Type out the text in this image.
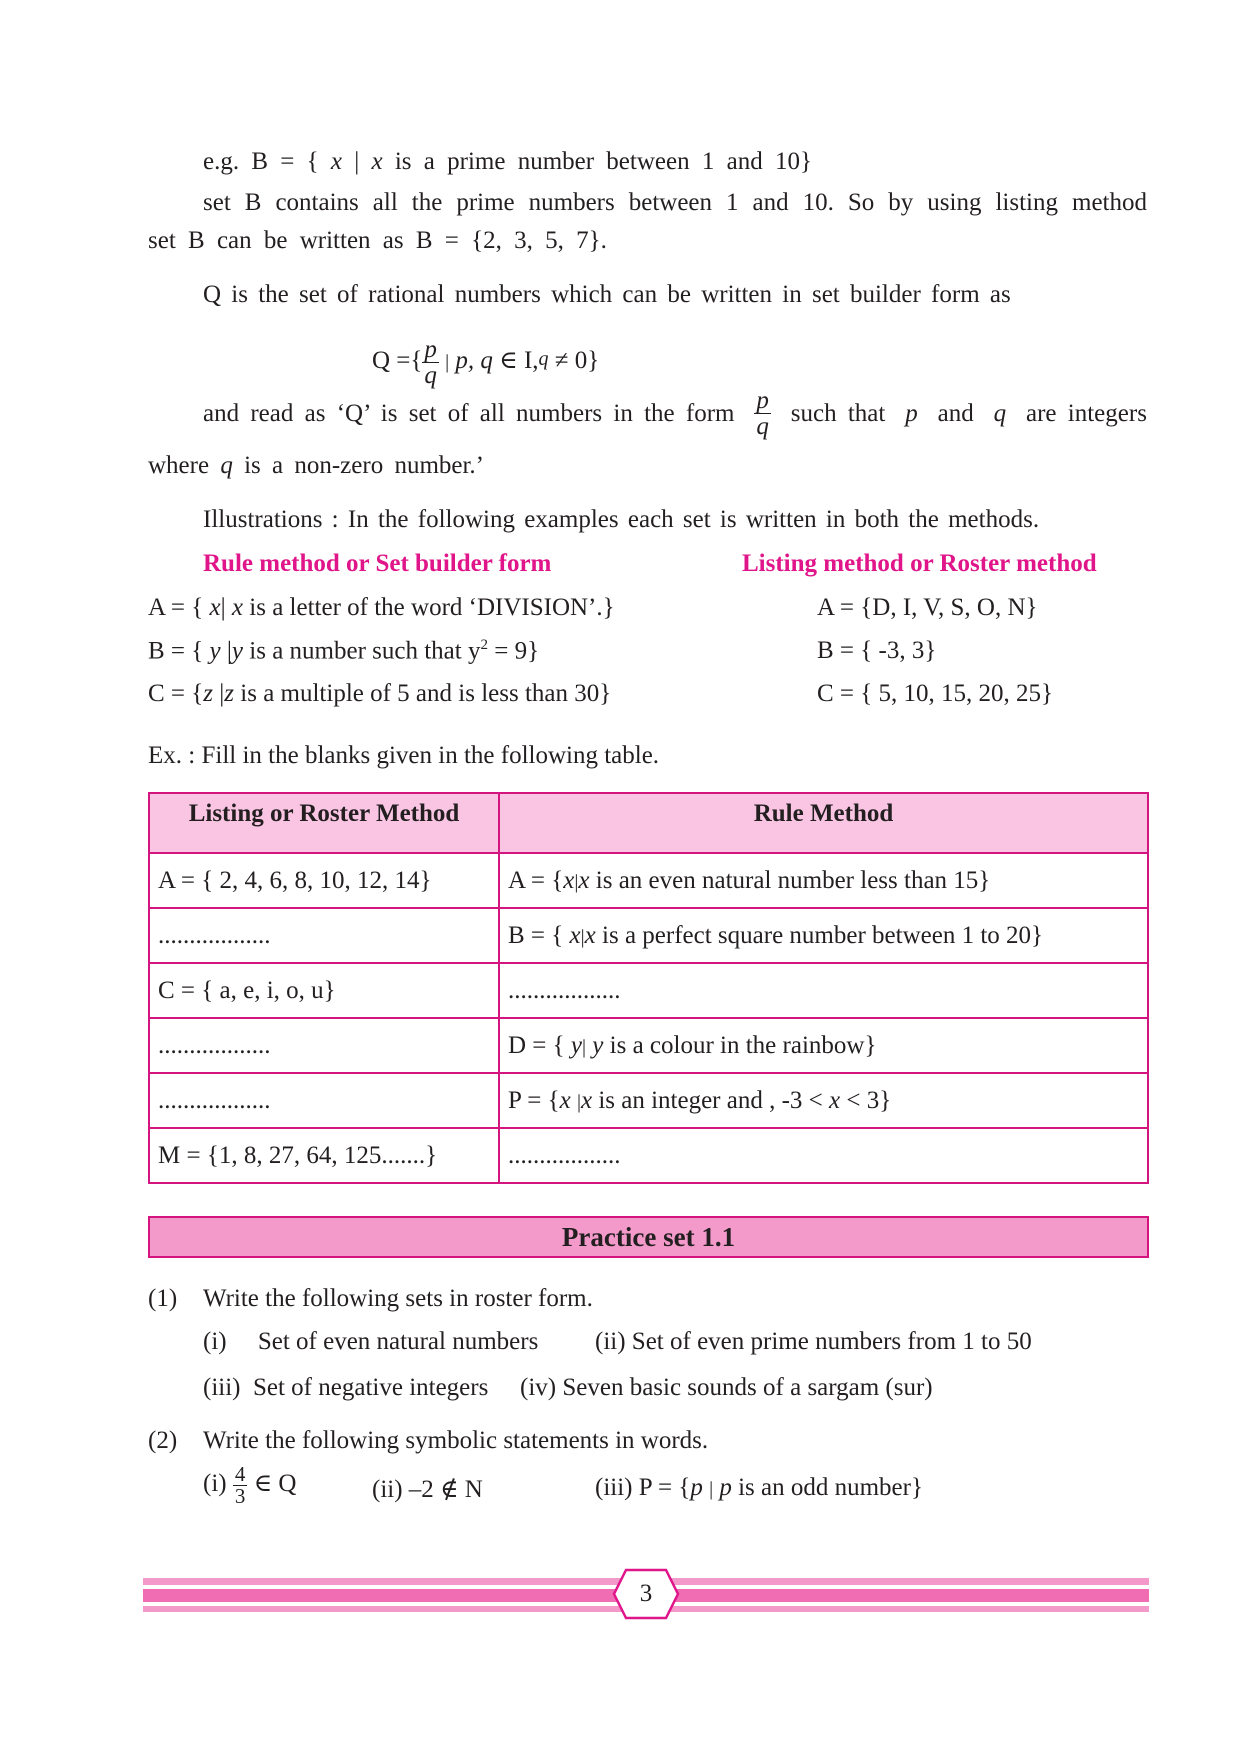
e.g. B = { x | x is a prime number between 1 and 10}
set B contains all the prime numbers between 1 and 10. So by using listing method
set B can be written as B = {2, 3, 5, 7}.
Q is the set of rational numbers which can be written in set builder form as
Q ={ $\frac{p}{q}$ | p, q ∈ I,q ≠ 0}
and read as ‘Q’ is set of all numbers in the form $\frac{p}{q}$ such that p and q are integers
where q is a non-zero number.’
Illustrations : In the following examples each set is written in both the methods.
Rule method or Set builder form	Listing method or Roster method
A = { x| x is a letter of the word ‘DIVISION’.}	A = {D, I, V, S, O, N}
B = { y |y is a number such that $y^2 = 9$}	B = { -3, 3}
C = {z |z is a multiple of 5 and is less than 30}	C = { 5, 10, 15, 20, 25}
Ex. : Fill in the blanks given in the following table.
Listing or Roster Method	Rule Method
A = { 2, 4, 6, 8, 10, 12, 14}	A = {x|x is an even natural number less than 15}
..................	B = { x|x is a perfect square number between 1 to 20}
C = { a, e, i, o, u}	..................
..................	D = { y| y is a colour in the rainbow}
..................	P = {x |x is an integer and , -3 < x < 3}
M = {1, 8, 27, 64, 125.......}	..................
Practice set 1.1
(1) Write the following sets in roster form.
(i)     Set of even natural numbers (ii) Set of even prime numbers from 1 to 50
(iii)  Set of negative integers (iv) Seven basic sounds of a sargam (sur)
(2) Write the following symbolic statements in words.
$(i) \frac{4}{3}$ ∈ Q	(ii) –2 ∉ N	(iii) P = {p | p is an odd number}
3
